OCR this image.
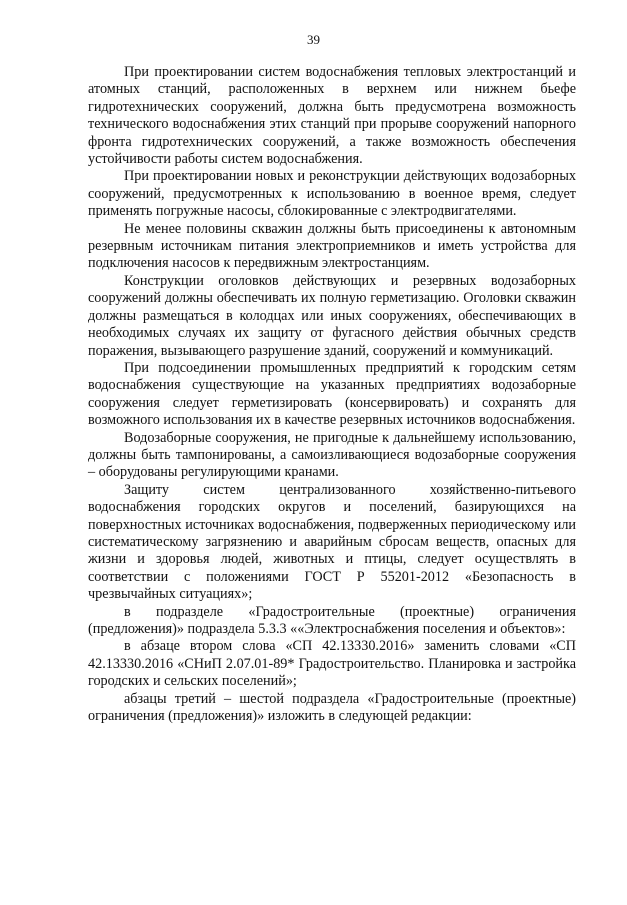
39

При проектировании систем водоснабжения тепловых электростанций и атомных станций, расположенных в верхнем или нижнем бьефе гидротехнических сооружений, должна быть предусмотрена возможность технического водоснабжения этих станций при прорыве сооружений напорного фронта гидротехнических сооружений, а также возможность обеспечения устойчивости работы систем водоснабжения.

При проектировании новых и реконструкции действующих водозаборных сооружений, предусмотренных к использованию в военное время, следует применять погружные насосы, сблокированные с электродвигателями.

Не менее половины скважин должны быть присоединены к автономным резервным источникам питания электроприемников и иметь устройства для подключения насосов к передвижным электростанциям.

Конструкции оголовков действующих и резервных водозаборных сооружений должны обеспечивать их полную герметизацию. Оголовки скважин должны размещаться в колодцах или иных сооружениях, обеспечивающих в необходимых случаях их защиту от фугасного действия обычных средств поражения, вызывающего разрушение зданий, сооружений и коммуникаций.

При подсоединении промышленных предприятий к городским сетям водоснабжения существующие на указанных предприятиях водозаборные сооружения следует герметизировать (консервировать) и сохранять для возможного использования их в качестве резервных источников водоснабжения.

Водозаборные сооружения, не пригодные к дальнейшему использованию, должны быть тампонированы, а самоизливающиеся водозаборные сооружения – оборудованы регулирующими кранами.

Защиту систем централизованного хозяйственно-питьевого водоснабжения городских округов и поселений, базирующихся на поверхностных источниках водоснабжения, подверженных периодическому или систематическому загрязнению и аварийным сбросам веществ, опасных для жизни и здоровья людей, животных и птицы, следует осуществлять в соответствии с положениями ГОСТ Р 55201-2012 «Безопасность в чрезвычайных ситуациях»;

в подразделе «Градостроительные (проектные) ограничения (предложения)» подраздела 5.3.3 ««Электроснабжения поселения и объектов»:

в абзаце втором слова «СП 42.13330.2016» заменить словами «СП 42.13330.2016 «СНиП 2.07.01-89* Градостроительство. Планировка и застройка городских и сельских поселений»;

абзацы третий – шестой подраздела «Градостроительные (проектные) ограничения (предложения)» изложить в следующей редакции:
